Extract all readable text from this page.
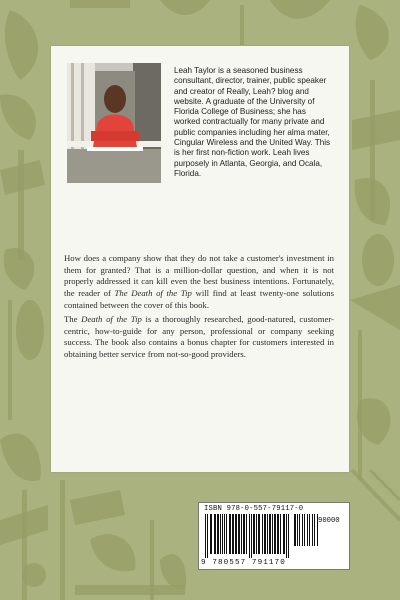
Leah Taylor is a seasoned business consultant, director, trainer, public speaker and creator of Really, Leah? blog and website. A graduate of the University of Florida College of Business; she has worked contractually for many private and public companies including her alma mater, Cingular Wireless and the United Way. This is her first non-fiction work. Leah lives purposely in Atlanta, Georgia, and Ocala, Florida.

How does a company show that they do not take a customer's investment in them for granted? That is a million-dollar question, and when it is not properly addressed it can kill even the best business intentions. Fortunately, the reader of The Death of the Tip will find at least twenty-one solutions contained between the cover of this book.

The Death of the Tip is a thoroughly researched, good-natured, customer-centric, how-to-guide for any person, professional or company seeking success. The book also contains a bonus chapter for customers interested in obtaining better service from not-so-good providers.

ISBN 978-0-557-79117-0
90000
9 780557 791170
